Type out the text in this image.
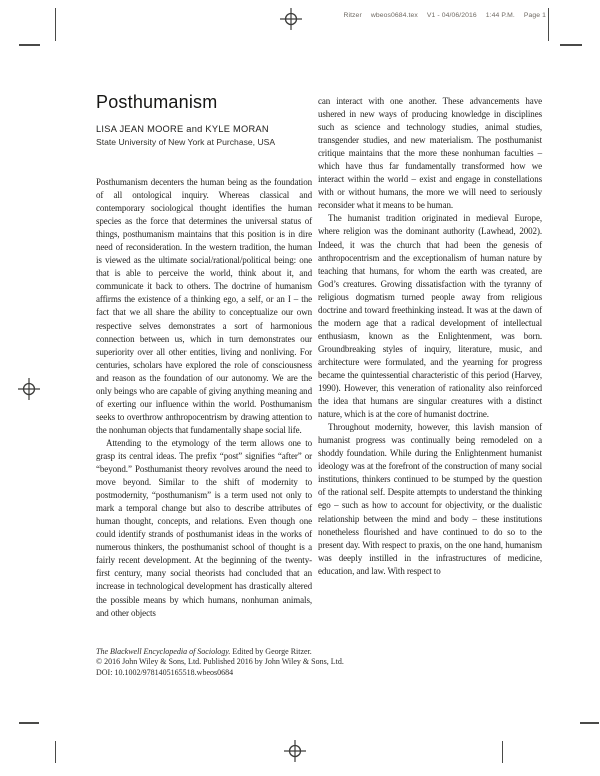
Ritzer wbeos0684.tex V1 - 04/06/2016 1:44 P.M. Page 1
Posthumanism
LISA JEAN MOORE and KYLE MORAN
State University of New York at Purchase, USA

Posthumanism decenters the human being as the foundation of all ontological inquiry. Whereas classical and contemporary sociological thought identifies the human species as the force that determines the universal status of things, posthumanism maintains that this position is in dire need of reconsideration. In the western tradition, the human is viewed as the ultimate social/rational/political being: one that is able to perceive the world, think about it, and communicate it back to others. The doctrine of humanism affirms the existence of a thinking ego, a self, or an I – the fact that we all share the ability to conceptualize our own respective selves demonstrates a sort of harmonious connection between us, which in turn demonstrates our superiority over all other entities, living and nonliving. For centuries, scholars have explored the role of consciousness and reason as the foundation of our autonomy. We are the only beings who are capable of giving anything meaning and of exerting our influence within the world. Posthumanism seeks to overthrow anthropocentrism by drawing attention to the nonhuman objects that fundamentally shape social life.

Attending to the etymology of the term allows one to grasp its central ideas. The prefix “post” signifies “after” or “beyond.” Posthumanist theory revolves around the need to move beyond. Similar to the shift of modernity to postmodernity, “posthumanism” is a term used not only to mark a temporal change but also to describe attributes of human thought, concepts, and relations. Even though one could identify strands of posthumanist ideas in the works of numerous thinkers, the posthumanist school of thought is a fairly recent development. At the beginning of the twenty-first century, many social theorists had concluded that an increase in technological development has drastically altered the possible means by which humans, nonhuman animals, and other objects

can interact with one another. These advancements have ushered in new ways of producing knowledge in disciplines such as science and technology studies, animal studies, transgender studies, and new materialism. The posthumanist critique maintains that the more these nonhuman faculties – which have thus far fundamentally transformed how we interact within the world – exist and engage in constellations with or without humans, the more we will need to seriously reconsider what it means to be human.

The humanist tradition originated in medieval Europe, where religion was the dominant authority (Lawhead, 2002). Indeed, it was the church that had been the genesis of anthropocentrism and the exceptionalism of human nature by teaching that humans, for whom the earth was created, are God’s creatures. Growing dissatisfaction with the tyranny of religious dogmatism turned people away from religious doctrine and toward freethinking instead. It was at the dawn of the modern age that a radical development of intellectual enthusiasm, known as the Enlightenment, was born. Groundbreaking styles of inquiry, literature, music, and architecture were formulated, and the yearning for progress became the quintessential characteristic of this period (Harvey, 1990). However, this veneration of rationality also reinforced the idea that humans are singular creatures with a distinct nature, which is at the core of humanist doctrine.

Throughout modernity, however, this lavish mansion of humanist progress was continually being remodeled on a shoddy foundation. While during the Enlightenment humanist ideology was at the forefront of the construction of many social institutions, thinkers continued to be stumped by the question of the rational self. Despite attempts to understand the thinking ego – such as how to account for objectivity, or the dualistic relationship between the mind and body – these institutions nonetheless flourished and have continued to do so to the present day. With respect to praxis, on the one hand, humanism was deeply instilled in the infrastructures of medicine, education, and law. With respect to

The Blackwell Encyclopedia of Sociology. Edited by George Ritzer.
© 2016 John Wiley & Sons, Ltd. Published 2016 by John Wiley & Sons, Ltd.
DOI: 10.1002/9781405165518.wbeos0684
